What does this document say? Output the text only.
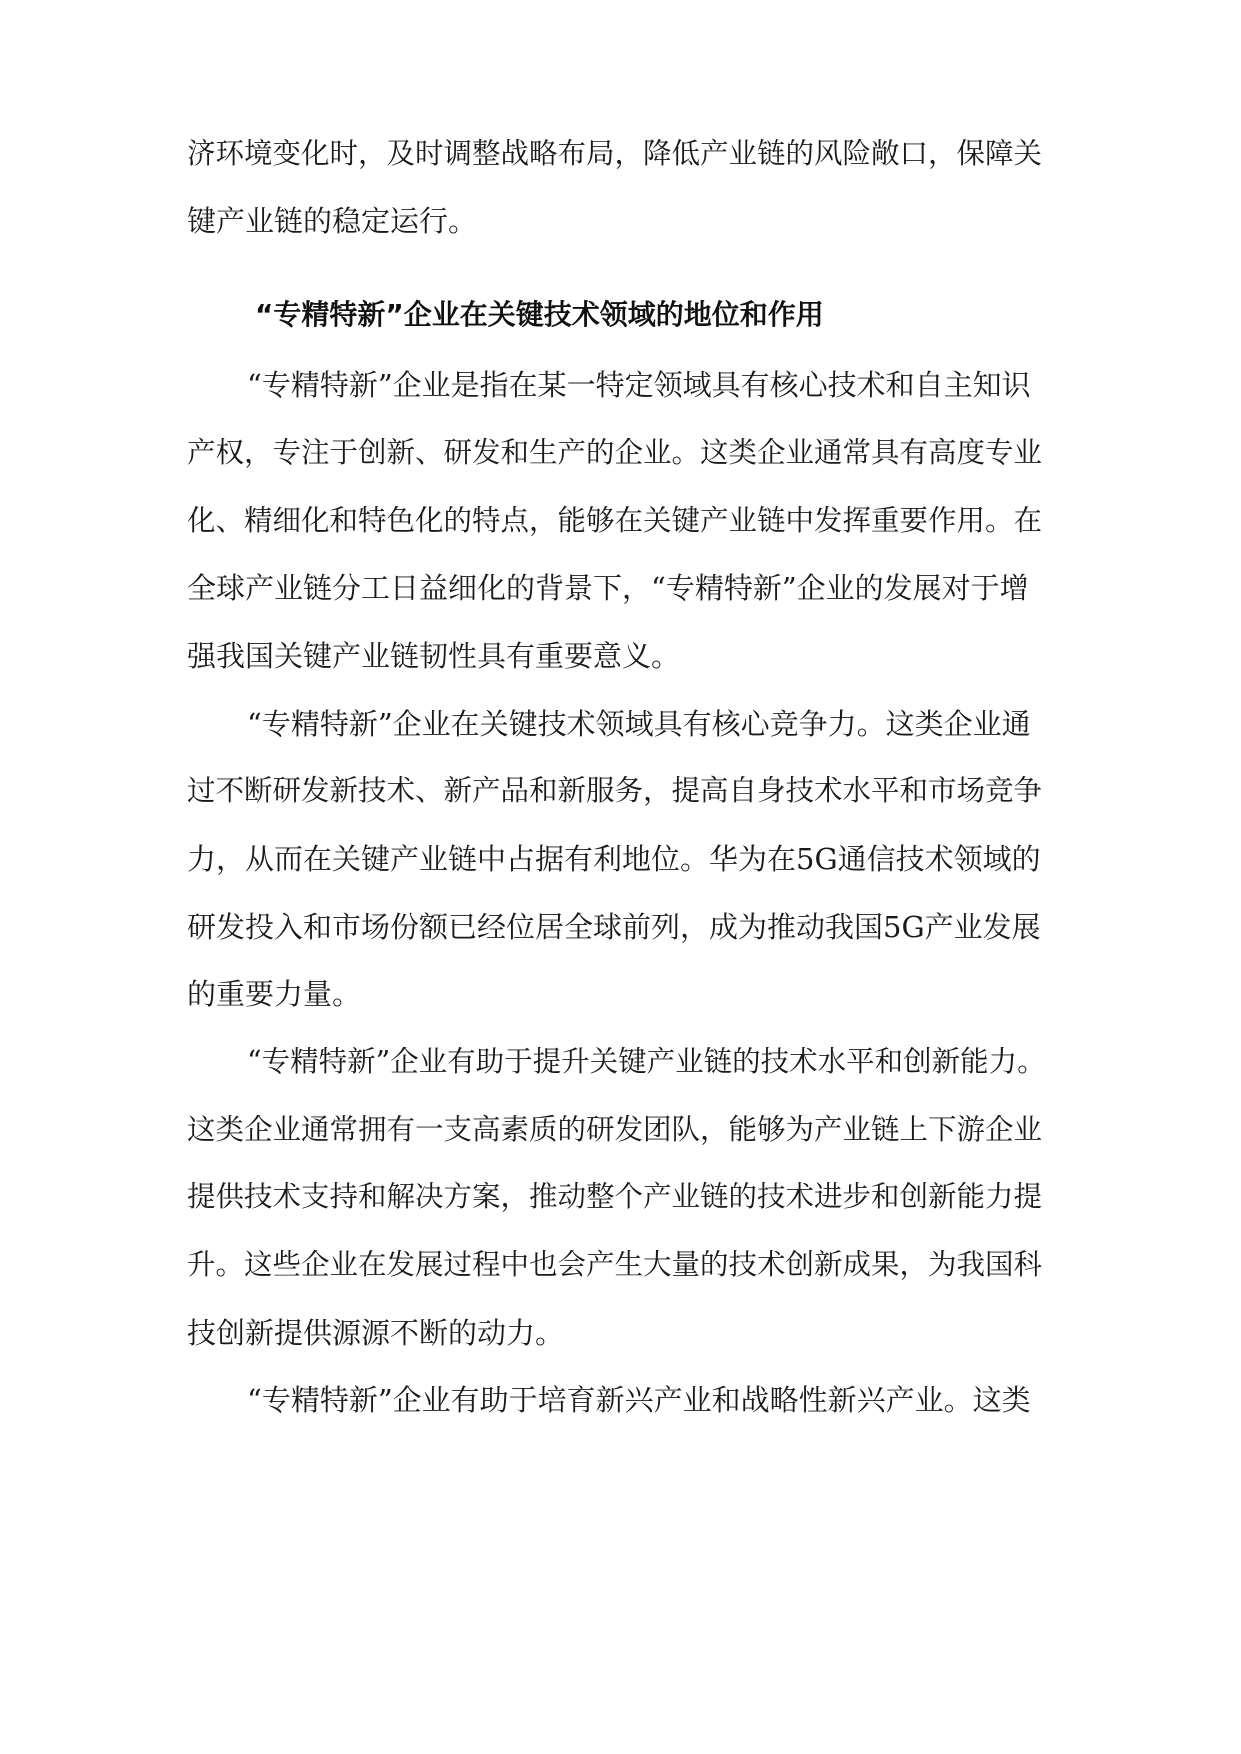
济环境变化时，及时调整战略布局，降低产业链的风险敞口，保障关
键产业链的稳定运行。
“专精特新”企业在关键技术领域的地位和作用
“专精特新”企业是指在某一特定领域具有核心技术和自主知识
产权，专注于创新、研发和生产的企业。这类企业通常具有高度专业
化、精细化和特色化的特点，能够在关键产业链中发挥重要作用。在
全球产业链分工日益细化的背景下，“专精特新”企业的发展对于增
强我国关键产业链韧性具有重要意义。
“专精特新”企业在关键技术领域具有核心竞争力。这类企业通
过不断研发新技术、新产品和新服务，提高自身技术水平和市场竞争
力，从而在关键产业链中占据有利地位。华为在5G通信技术领域的
研发投入和市场份额已经位居全球前列，成为推动我国5G产业发展
的重要力量。
“专精特新”企业有助于提升关键产业链的技术水平和创新能力。
这类企业通常拥有一支高素质的研发团队，能够为产业链上下游企业
提供技术支持和解决方案，推动整个产业链的技术进步和创新能力提
升。这些企业在发展过程中也会产生大量的技术创新成果，为我国科
技创新提供源源不断的动力。
“专精特新”企业有助于培育新兴产业和战略性新兴产业。这类
